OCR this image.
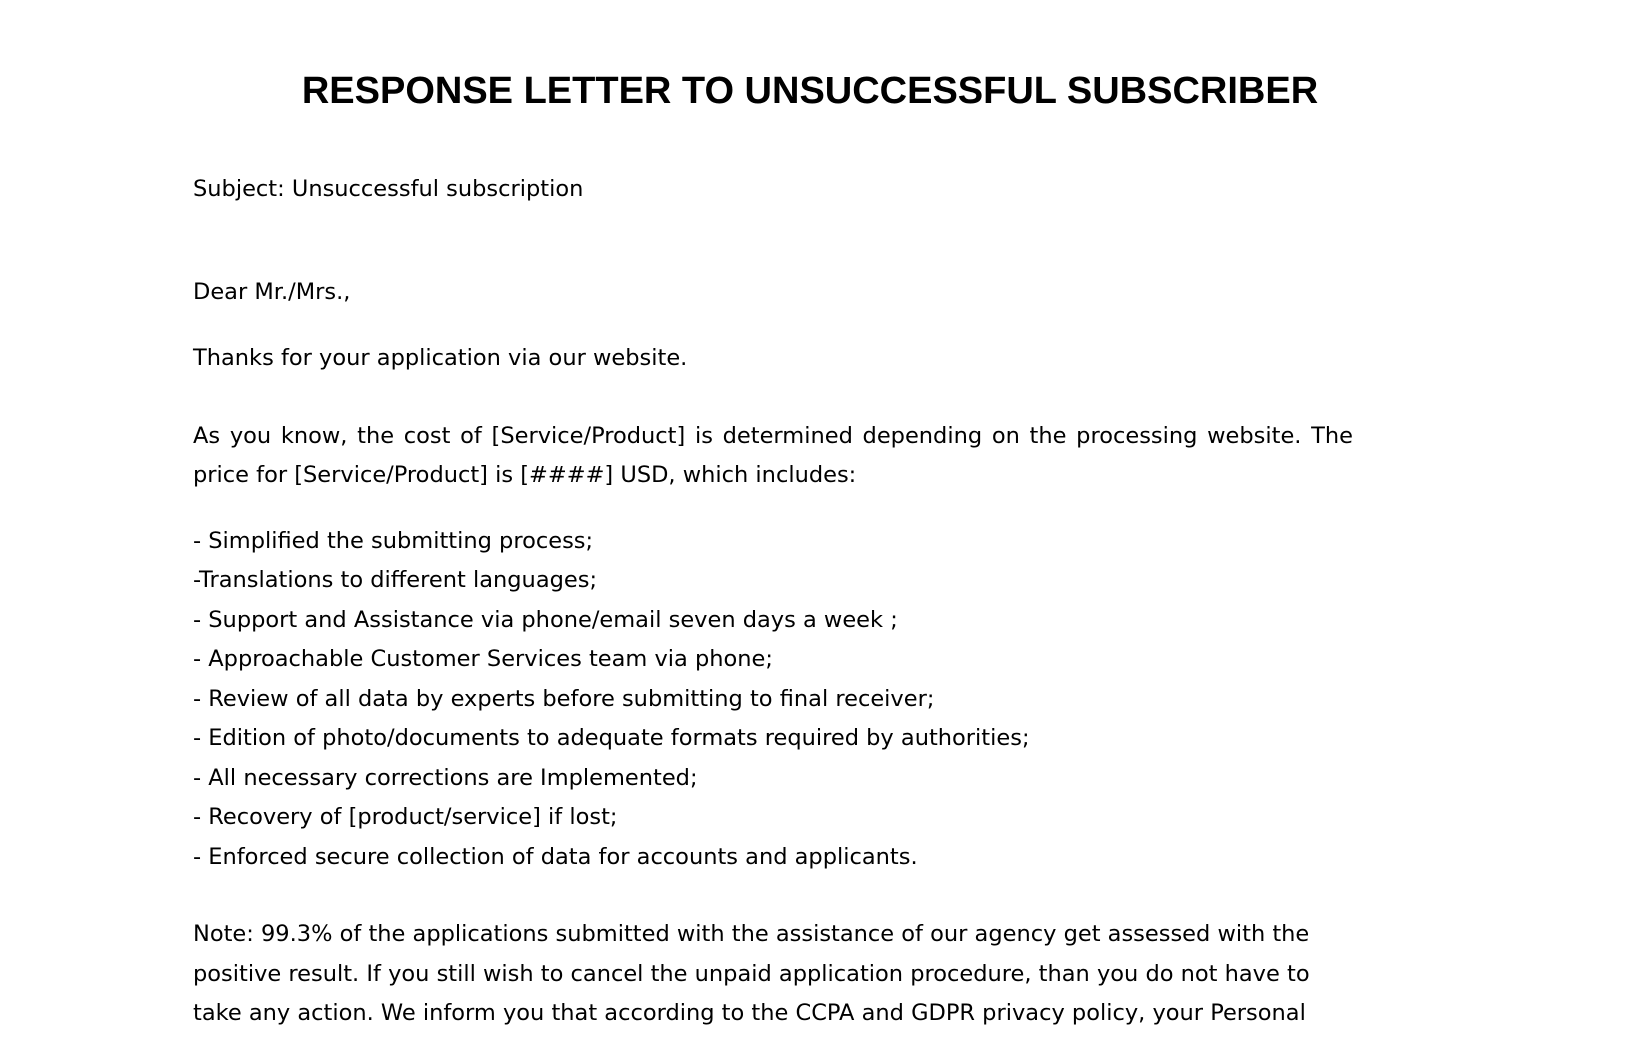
RESPONSE LETTER TO UNSUCCESSFUL SUBSCRIBER

Subject: Unsuccessful subscription

Dear Mr./Mrs.,

Thanks for your application via our website.

As you know, the cost of [Service/Product] is determined depending on the processing website. The price for [Service/Product] is [####] USD, which includes:

- Simplified the submitting process;
-Translations to different languages;
- Support and Assistance via phone/email seven days a week ;
- Approachable Customer Services team via phone;
- Review of all data by experts before submitting to final receiver;
- Edition of photo/documents to adequate formats required by authorities;
- All necessary corrections are Implemented;
- Recovery of [product/service] if lost;
- Enforced secure collection of data for accounts and applicants.

Note: 99.3% of the applications submitted with the assistance of our agency get assessed with the

positive result. If you still wish to cancel the unpaid application procedure, than you do not have to

take any action. We inform you that according to the CCPA and GDPR privacy policy, your Personal
